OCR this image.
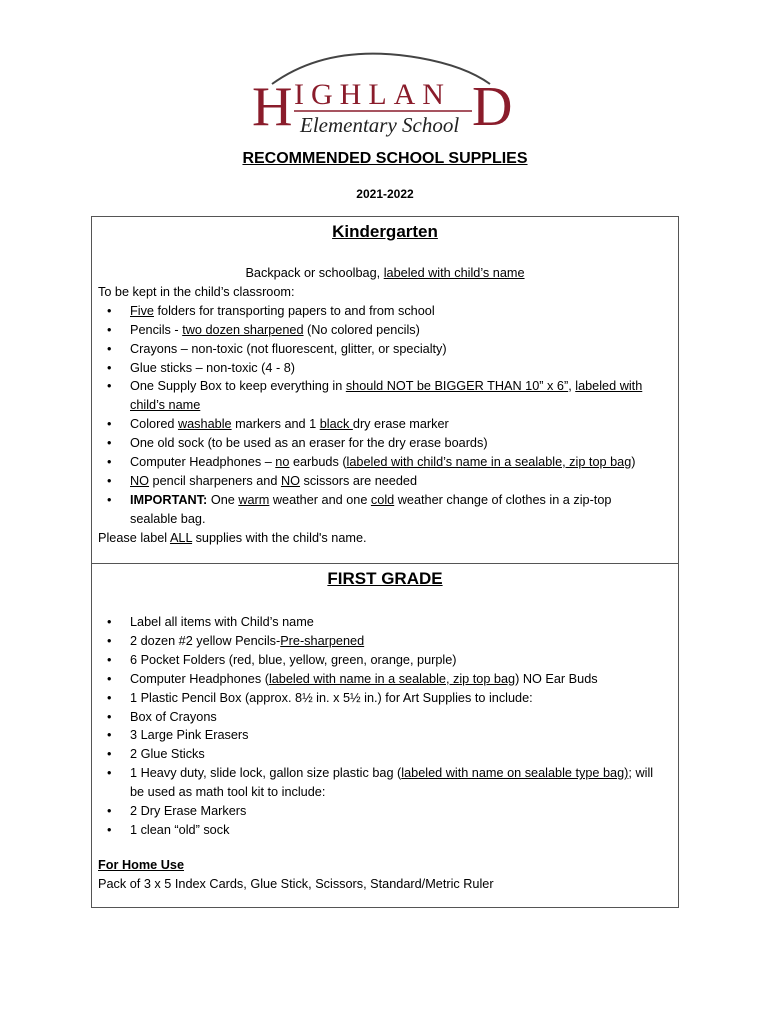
H IGHLAN D
Elementary School
RECOMMENDED SCHOOL SUPPLIES
2021-2022
Kindergarten
Backpack or schoolbag, labeled with child’s name
To be kept in the child’s classroom:
• Five folders for transporting papers to and from school
• Pencils - two dozen sharpened (No colored pencils)
• Crayons – non-toxic (not fluorescent, glitter, or specialty)
• Glue sticks – non-toxic (4 - 8)
• One Supply Box to keep everything in should NOT be BIGGER THAN 10” x 6”, labeled with child’s name
• Colored washable markers and 1 black dry erase marker
• One old sock (to be used as an eraser for the dry erase boards)
• Computer Headphones – no earbuds (labeled with child’s name in a sealable, zip top bag)
• NO pencil sharpeners and NO scissors are needed
• IMPORTANT: One warm weather and one cold weather change of clothes in a zip-top sealable bag.
Please label ALL supplies with the child's name.
FIRST GRADE
• Label all items with Child’s name
• 2 dozen #2 yellow Pencils-Pre-sharpened
• 6 Pocket Folders (red, blue, yellow, green, orange, purple)
• Computer Headphones (labeled with name in a sealable, zip top bag) NO Ear Buds
• 1 Plastic Pencil Box (approx. 8½ in. x 5½ in.) for Art Supplies to include:
• Box of Crayons
• 3 Large Pink Erasers
• 2 Glue Sticks
• 1 Heavy duty, slide lock, gallon size plastic bag (labeled with name on sealable type bag); will be used as math tool kit to include:
• 2 Dry Erase Markers
• 1 clean “old” sock
For Home Use
Pack of 3 x 5 Index Cards, Glue Stick, Scissors, Standard/Metric Ruler
